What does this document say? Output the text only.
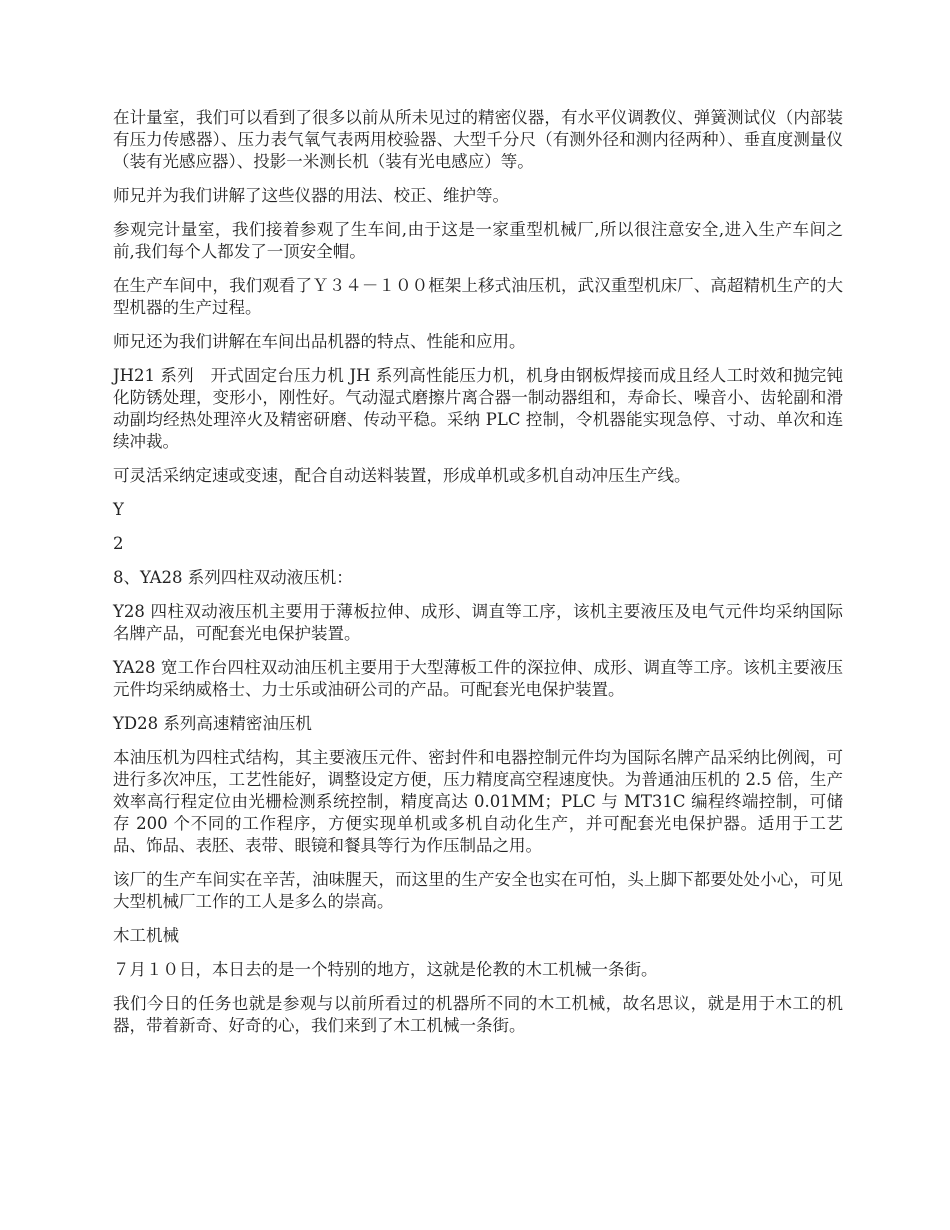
在计量室，我们可以看到了很多以前从所未见过的精密仪器，有水平仪调教仪、弹簧测试仪（内部装有压力传感器）、压力表气氧气表两用校验器、大型千分尺（有测外径和测内径两种）、垂直度测量仪（装有光感应器）、投影一米测长机（装有光电感应）等。

师兄并为我们讲解了这些仪器的用法、校正、维护等。

参观完计量室，我们接着参观了生车间,由于这是一家重型机械厂,所以很注意安全,进入生产车间之前,我们每个人都发了一顶安全帽。

在生产车间中，我们观看了Ｙ３４－１００框架上移式油压机，武汉重型机床厂、高超精机生产的大型机器的生产过程。

师兄还为我们讲解在车间出品机器的特点、性能和应用。

JH21 系列　开式固定台压力机 JH 系列高性能压力机，机身由钢板焊接而成且经人工时效和抛完钝化防锈处理，变形小，刚性好。气动湿式磨擦片离合器一制动器组和，寿命长、噪音小、齿轮副和滑动副均经热处理淬火及精密研磨、传动平稳。采纳 PLC 控制，令机器能实现急停、寸动、单次和连续冲裁。

可灵活采纳定速或变速，配合自动送料装置，形成单机或多机自动冲压生产线。

Y

2

8、YA28 系列四柱双动液压机：

Y28 四柱双动液压机主要用于薄板拉伸、成形、调直等工序，该机主要液压及电气元件均采纳国际名牌产品，可配套光电保护装置。

YA28 宽工作台四柱双动油压机主要用于大型薄板工件的深拉伸、成形、调直等工序。该机主要液压元件均采纳威格士、力士乐或油研公司的产品。可配套光电保护装置。

YD28 系列高速精密油压机

本油压机为四柱式结构，其主要液压元件、密封件和电器控制元件均为国际名牌产品采纳比例阀，可进行多次冲压，工艺性能好，调整设定方便，压力精度高空程速度快。为普通油压机的 2.5 倍，生产效率高行程定位由光栅检测系统控制，精度高达 0.01MM；PLC 与 MT31C 编程终端控制，可储存 200 个不同的工作程序，方便实现单机或多机自动化生产，并可配套光电保护器。适用于工艺品、饰品、表胚、表带、眼镜和餐具等行为作压制品之用。

该厂的生产车间实在辛苦，油味腥天，而这里的生产安全也实在可怕，头上脚下都要处处小心，可见大型机械厂工作的工人是多么的崇高。

木工机械

７月１０日，本日去的是一个特别的地方，这就是伦教的木工机械一条街。

我们今日的任务也就是参观与以前所看过的机器所不同的木工机械，故名思议，就是用于木工的机器，带着新奇、好奇的心，我们来到了木工机械一条街。
